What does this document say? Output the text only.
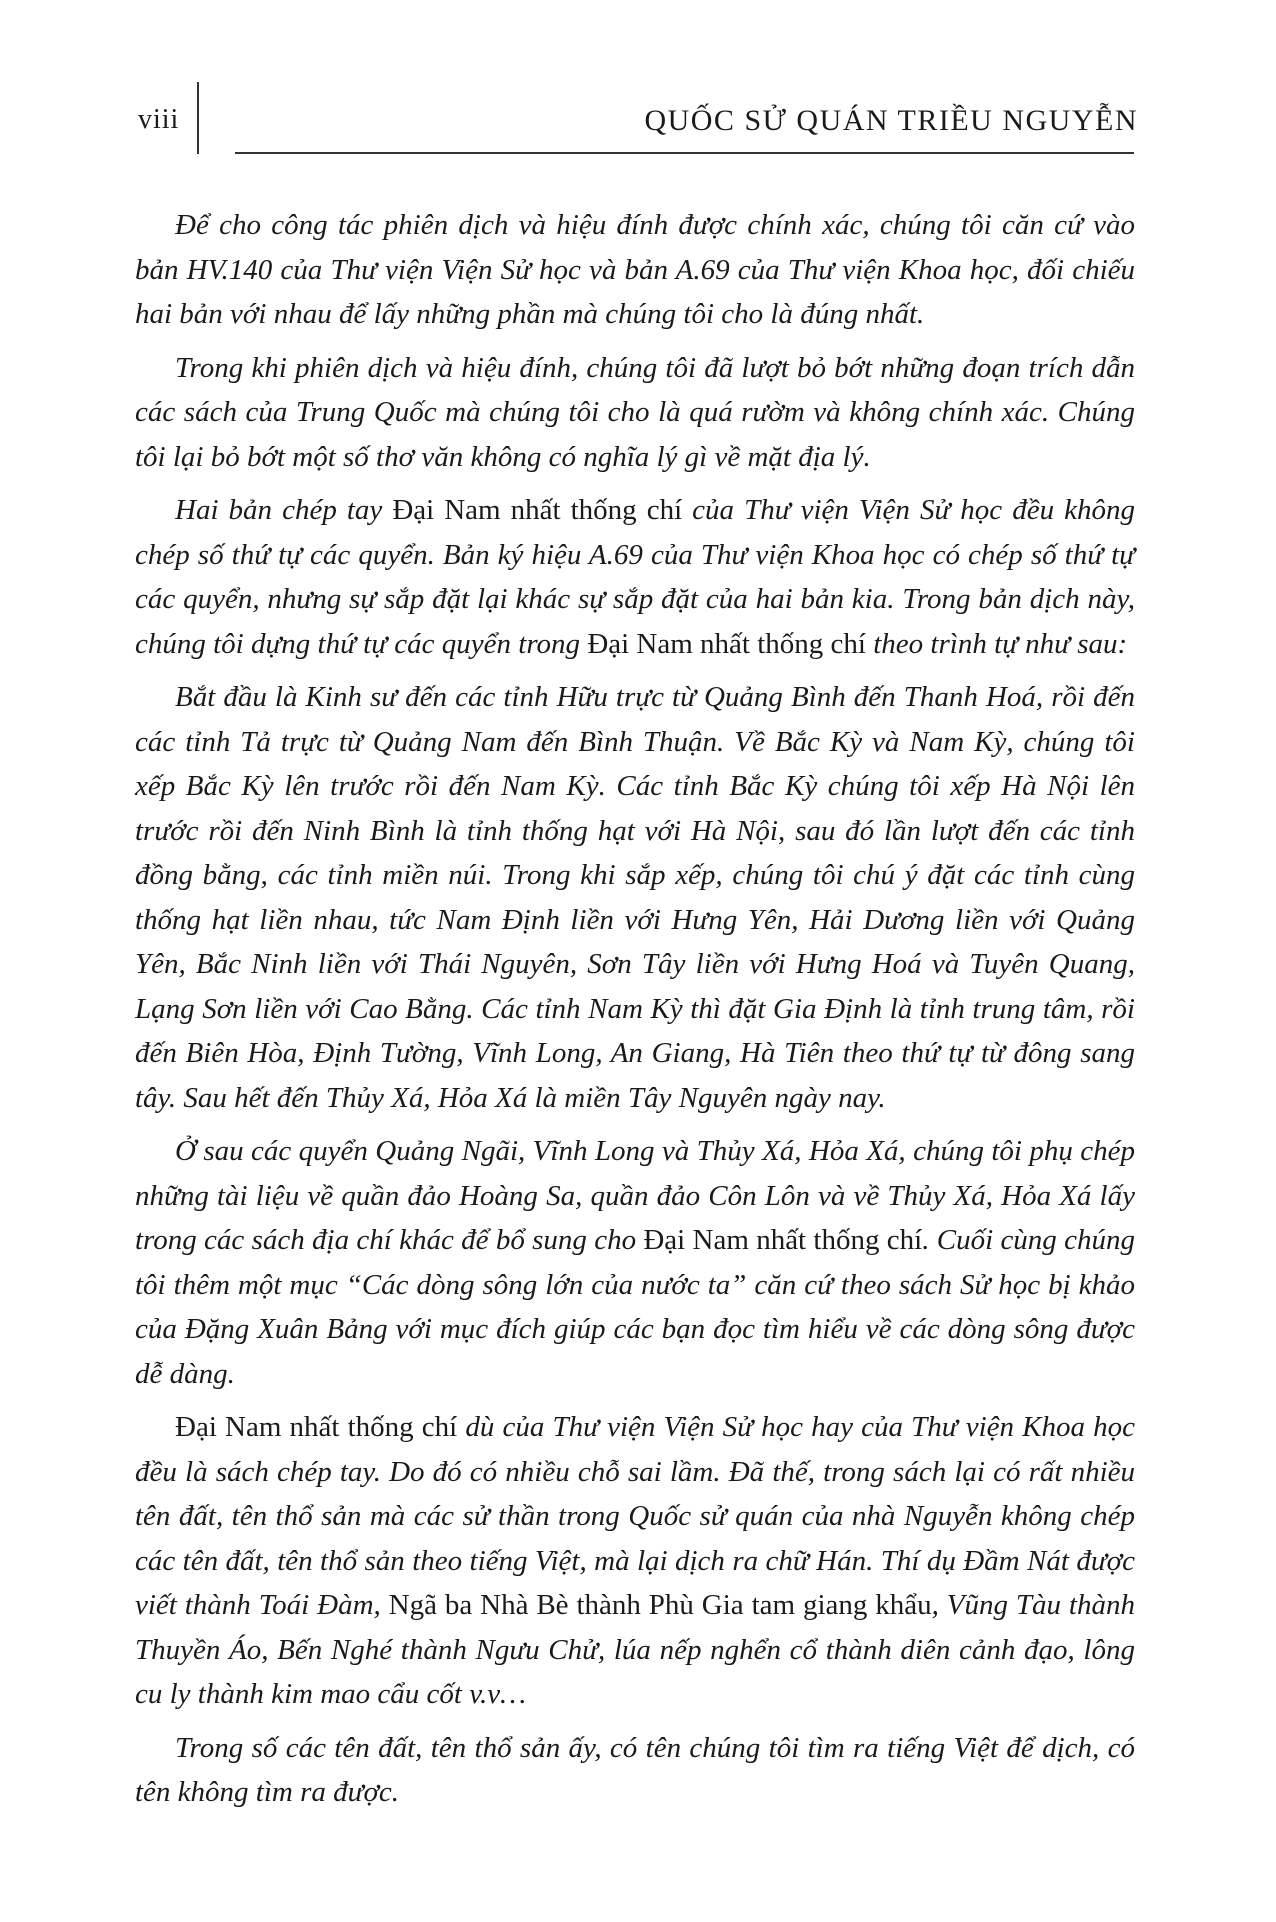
viii	QUỐC SỬ QUÁN TRIỀU NGUYỄN

Để cho công tác phiên dịch và hiệu đính được chính xác, chúng tôi căn cứ vào bản HV.140 của Thư viện Viện Sử học và bản A.69 của Thư viện Khoa học, đối chiếu hai bản với nhau để lấy những phần mà chúng tôi cho là đúng nhất.

Trong khi phiên dịch và hiệu đính, chúng tôi đã lượt bỏ bớt những đoạn trích dẫn các sách của Trung Quốc mà chúng tôi cho là quá rườm và không chính xác. Chúng tôi lại bỏ bớt một số thơ văn không có nghĩa lý gì về mặt địa lý.

Hai bản chép tay Đại Nam nhất thống chí của Thư viện Viện Sử học đều không chép số thứ tự các quyển. Bản ký hiệu A.69 của Thư viện Khoa học có chép số thứ tự các quyển, nhưng sự sắp đặt lại khác sự sắp đặt của hai bản kia. Trong bản dịch này, chúng tôi dựng thứ tự các quyển trong Đại Nam nhất thống chí theo trình tự như sau:

Bắt đầu là Kinh sư đến các tỉnh Hữu trực từ Quảng Bình đến Thanh Hoá, rồi đến các tỉnh Tả trực từ Quảng Nam đến Bình Thuận. Về Bắc Kỳ và Nam Kỳ, chúng tôi xếp Bắc Kỳ lên trước rồi đến Nam Kỳ. Các tỉnh Bắc Kỳ chúng tôi xếp Hà Nội lên trước rồi đến Ninh Bình là tỉnh thống hạt với Hà Nội, sau đó lần lượt đến các tỉnh đồng bằng, các tỉnh miền núi. Trong khi sắp xếp, chúng tôi chú ý đặt các tỉnh cùng thống hạt liền nhau, tức Nam Định liền với Hưng Yên, Hải Dương liền với Quảng Yên, Bắc Ninh liền với Thái Nguyên, Sơn Tây liền với Hưng Hoá và Tuyên Quang, Lạng Sơn liền với Cao Bằng. Các tỉnh Nam Kỳ thì đặt Gia Định là tỉnh trung tâm, rồi đến Biên Hòa, Định Tường, Vĩnh Long, An Giang, Hà Tiên theo thứ tự từ đông sang tây. Sau hết đến Thủy Xá, Hỏa Xá là miền Tây Nguyên ngày nay.

Ở sau các quyển Quảng Ngãi, Vĩnh Long và Thủy Xá, Hỏa Xá, chúng tôi phụ chép những tài liệu về quần đảo Hoàng Sa, quần đảo Côn Lôn và về Thủy Xá, Hỏa Xá lấy trong các sách địa chí khác để bổ sung cho Đại Nam nhất thống chí. Cuối cùng chúng tôi thêm một mục “Các dòng sông lớn của nước ta” căn cứ theo sách Sử học bị khảo của Đặng Xuân Bảng với mục đích giúp các bạn đọc tìm hiểu về các dòng sông được dễ dàng.

Đại Nam nhất thống chí dù của Thư viện Viện Sử học hay của Thư viện Khoa học đều là sách chép tay. Do đó có nhiều chỗ sai lầm. Đã thế, trong sách lại có rất nhiều tên đất, tên thổ sản mà các sử thần trong Quốc sử quán của nhà Nguyễn không chép các tên đất, tên thổ sản theo tiếng Việt, mà lại dịch ra chữ Hán. Thí dụ Đầm Nát được viết thành Toái Đàm, Ngã ba Nhà Bè thành Phù Gia tam giang khẩu, Vũng Tàu thành Thuyền Áo, Bến Nghé thành Ngưu Chử, lúa nếp nghển cổ thành diên cảnh đạo, lông cu ly thành kim mao cẩu cốt v.v…

Trong số các tên đất, tên thổ sản ấy, có tên chúng tôi tìm ra tiếng Việt để dịch, có tên không tìm ra được.
